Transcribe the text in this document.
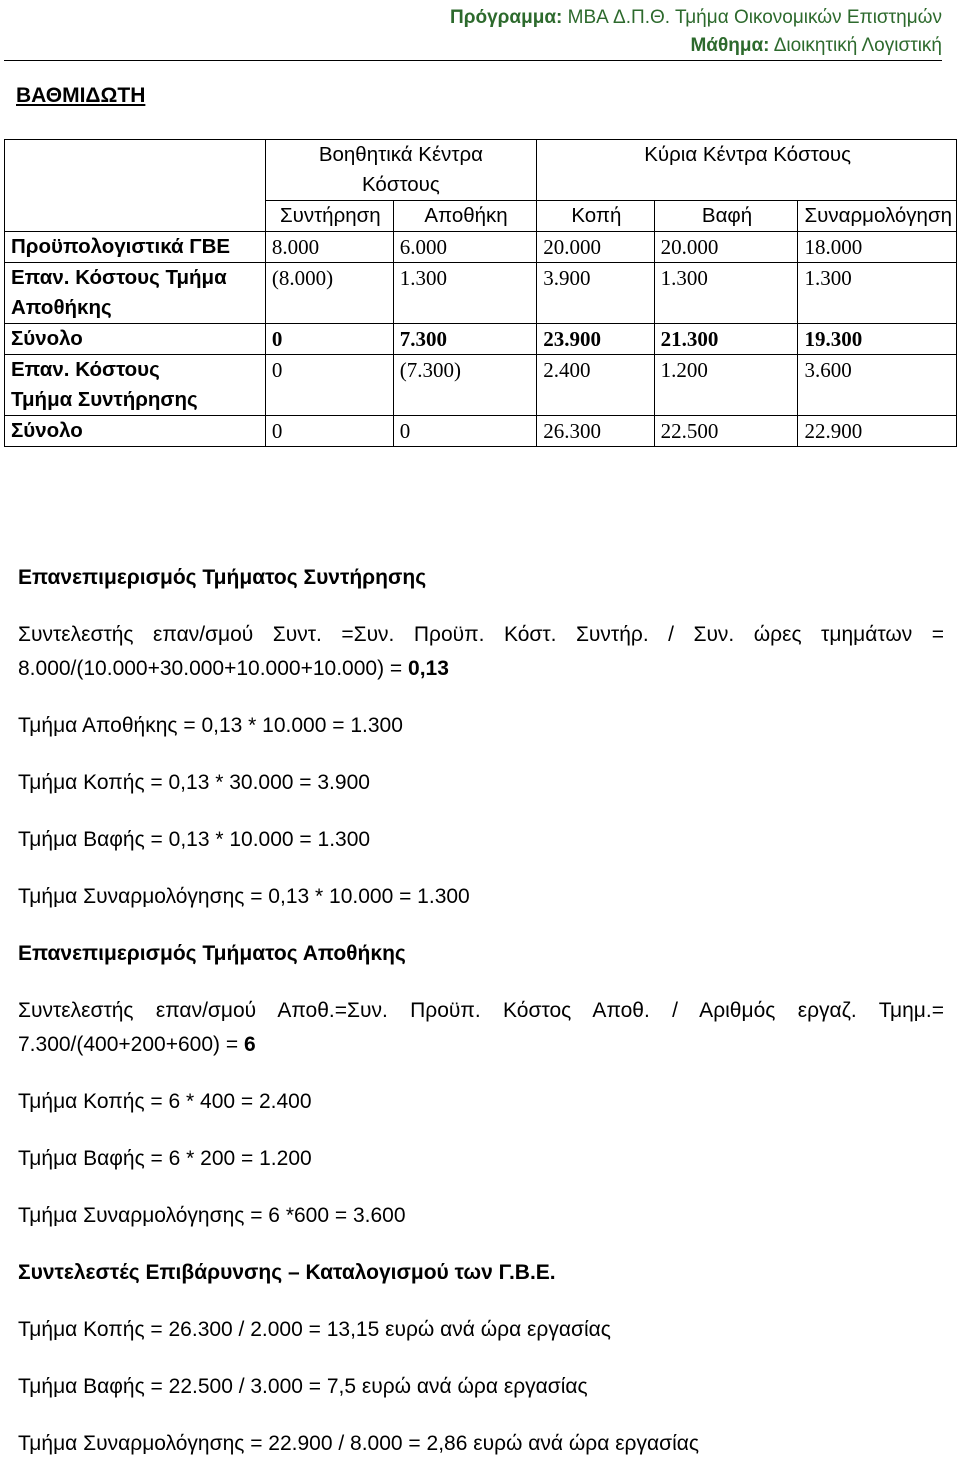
Πρόγραμμα: MBA Δ.Π.Θ. Τμήμα Οικονομικών Επιστημών
Μάθημα: Διοικητική Λογιστική
ΒΑΘΜΙΔΩΤΗ

	Βοηθητικά Κέντρα Κόστους		Κύρια Κέντρα Κόστους		
	Συντήρηση	Αποθήκη	Κοπή	Βαφή	Συναρμολόγηση
Προϋπολογιστικά ΓΒΕ	8.000	6.000	20.000	20.000	18.000
Επαν. Κόστους Τμήμα Αποθήκης	(8.000)	1.300	3.900	1.300	1.300
Σύνολο	0	7.300	23.900	21.300	19.300
Επαν. Κόστους Τμήμα Συντήρησης	0	(7.300)	2.400	1.200	3.600
Σύνολο	0	0	26.300	22.500	22.900
Επανεπιμερισμός Τμήματος Συντήρησης
Συντελεστής επαν/σμού Συντ. =Συν. Προϋπ. Κόστ. Συντήρ. / Συν. ώρες τμημάτων =
8.000/(10.000+30.000+10.000+10.000) = 0,13
Τμήμα Αποθήκης = 0,13 * 10.000 = 1.300
Τμήμα Κοπής = 0,13 * 30.000 = 3.900
Τμήμα Βαφής = 0,13 * 10.000 = 1.300
Τμήμα Συναρμολόγησης = 0,13 * 10.000 = 1.300
Επανεπιμερισμός Τμήματος Αποθήκης
Συντελεστής επαν/σμού Αποθ.=Συν. Προϋπ. Κόστος Αποθ. / Αριθμός εργαζ. Τμημ.=
7.300/(400+200+600) = 6
Τμήμα Κοπής = 6 * 400 = 2.400
Τμήμα Βαφής = 6 * 200 = 1.200
Τμήμα Συναρμολόγησης = 6 *600 = 3.600
Συντελεστές Επιβάρυνσης – Καταλογισμού των Γ.Β.Ε.
Τμήμα Κοπής = 26.300 / 2.000 = 13,15 ευρώ ανά ώρα εργασίας
Τμήμα Βαφής = 22.500 / 3.000 = 7,5 ευρώ ανά ώρα εργασίας
Τμήμα Συναρμολόγησης = 22.900 / 8.000 = 2,86 ευρώ ανά ώρα εργασίας
